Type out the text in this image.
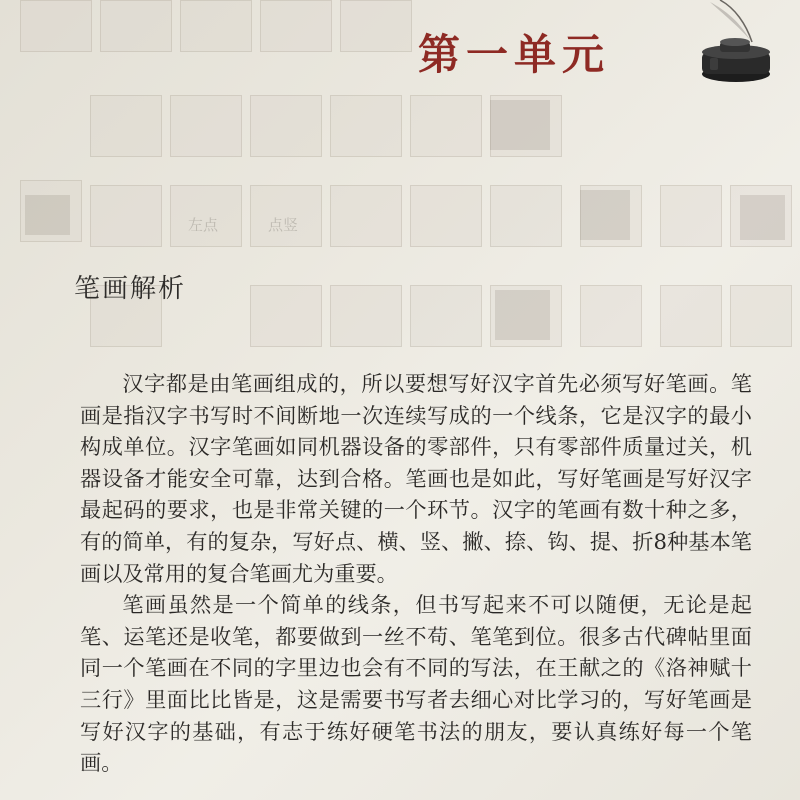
点竖
左点
第一单元
笔画解析

汉字都是由笔画组成的，所以要想写好汉字首先必须写好笔画。笔画是指汉字书写时不间断地一次连续写成的一个线条，它是汉字的最小构成单位。汉字笔画如同机器设备的零部件，只有零部件质量过关，机器设备才能安全可靠，达到合格。笔画也是如此，写好笔画是写好汉字最起码的要求，也是非常关键的一个环节。汉字的笔画有数十种之多，有的简单，有的复杂，写好点、横、竖、撇、捺、钩、提、折8种基本笔画以及常用的复合笔画尤为重要。

笔画虽然是一个简单的线条，但书写起来不可以随便，无论是起笔、运笔还是收笔，都要做到一丝不苟、笔笔到位。很多古代碑帖里面同一个笔画在不同的字里边也会有不同的写法，在王献之的《洛神赋十三行》里面比比皆是，这是需要书写者去细心对比学习的，写好笔画是写好汉字的基础，有志于练好硬笔书法的朋友，要认真练好每一个笔画。
